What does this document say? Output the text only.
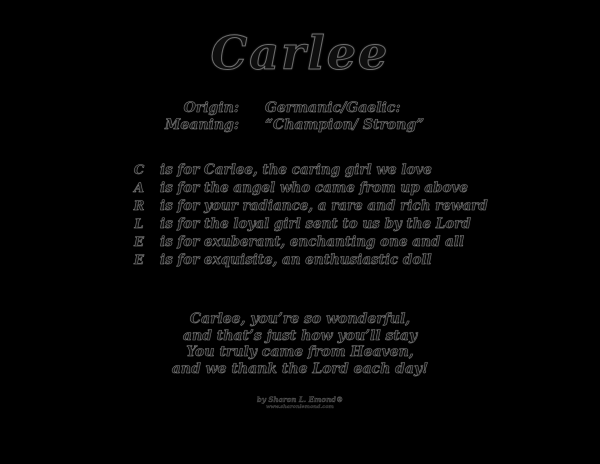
Carlee
Origin:	Germanic/Gaelic:
Meaning:	“Champion/ Strong”
C	is for Carlee, the caring girl we love
A	is for the angel who came from up above
R	is for your radiance, a rare and rich reward
L	is for the loyal girl sent to us by the Lord
E	is for exuberant, enchanting one and all
E	is for exquisite, an enthusiastic doll
Carlee, you’re so wonderful,
and that’s just how you’ll stay
You truly came from Heaven,
and we thank the Lord each day!
by Sharon L. Emond®
www.sharonlemond.com
